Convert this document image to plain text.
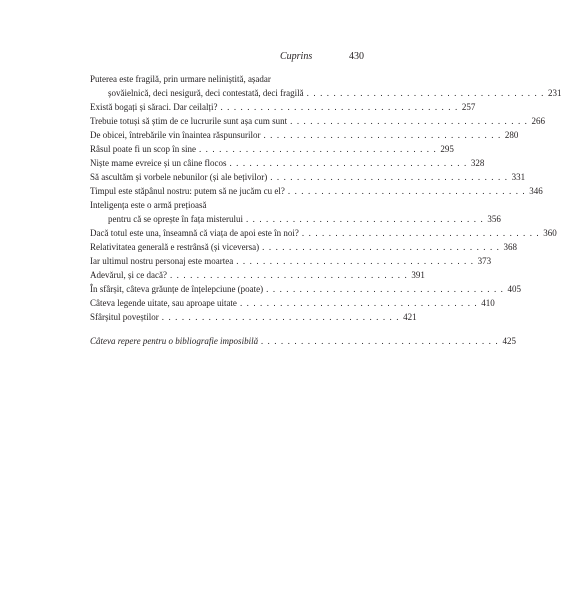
Cuprins	430
Puterea este fragilă, prin urmare neliniștită, așadar
șovăielnică, deci nesigură, deci contestată, deci fragilă . . . . . . . . . . . . . . . . . . . . . . . . . . . . . . . . . . . . 231
Există bogați și săraci. Dar ceilalți? . . . . . . . . . . . . . . . . . . . . . . . . . . . . . . . . . . . . 257
Trebuie totuși să știm de ce lucrurile sunt așa cum sunt . . . . . . . . . . . . . . . . . . . . . . . . . . . . . . . . . . . . 266
De obicei, întrebările vin înaintea răspunsurilor . . . . . . . . . . . . . . . . . . . . . . . . . . . . . . . . . . . . 280
Râsul poate fi un scop în sine . . . . . . . . . . . . . . . . . . . . . . . . . . . . . . . . . . . . 295
Niște mame evreice și un câine flocos . . . . . . . . . . . . . . . . . . . . . . . . . . . . . . . . . . . . 328
Să ascultăm și vorbele nebunilor (și ale bețivilor) . . . . . . . . . . . . . . . . . . . . . . . . . . . . . . . . . . . . 331
Timpul este stăpânul nostru: putem să ne jucăm cu el? . . . . . . . . . . . . . . . . . . . . . . . . . . . . . . . . . . . . 346
Inteligența este o armă prețioasă
pentru că se oprește în fața misterului . . . . . . . . . . . . . . . . . . . . . . . . . . . . . . . . . . . . 356
Dacă totul este una, înseamnă că viața de apoi este în noi? . . . . . . . . . . . . . . . . . . . . . . . . . . . . . . . . . . . . 360
Relativitatea generală e restrânsă (și viceversa) . . . . . . . . . . . . . . . . . . . . . . . . . . . . . . . . . . . . 368
Iar ultimul nostru personaj este moartea . . . . . . . . . . . . . . . . . . . . . . . . . . . . . . . . . . . . 373
Adevărul, și ce dacă? . . . . . . . . . . . . . . . . . . . . . . . . . . . . . . . . . . . . 391
În sfârșit, câteva grăunțe de înțelepciune (poate) . . . . . . . . . . . . . . . . . . . . . . . . . . . . . . . . . . . . 405
Câteva legende uitate, sau aproape uitate . . . . . . . . . . . . . . . . . . . . . . . . . . . . . . . . . . . . 410
Sfârșitul poveștilor . . . . . . . . . . . . . . . . . . . . . . . . . . . . . . . . . . . . 421
Câteva repere pentru o bibliografie imposibilă . . . . . . . . . . . . . . . . . . . . . . . . . . . . . . . . . . . . 425
